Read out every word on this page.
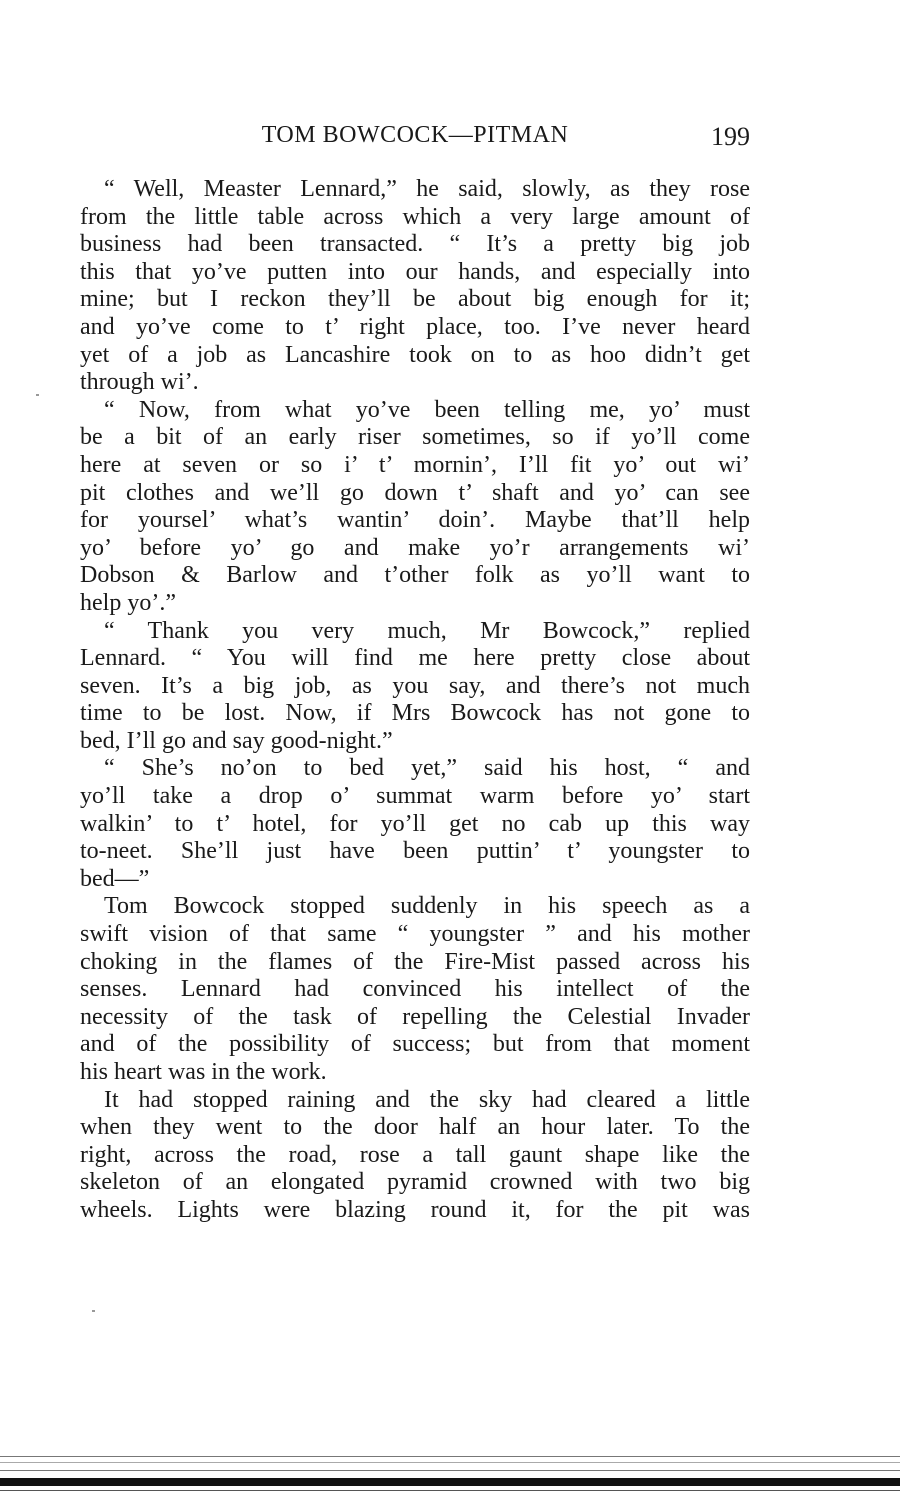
TOM BOWCOCK—PITMAN	199
“ Well, Measter Lennard,” he said, slowly, as they rose
from the little table across which a very large amount of
business had been transacted. “ It’s a pretty big job
this that yo’ve putten into our hands, and especially into
mine; but I reckon they’ll be about big enough for it;
and yo’ve come to t’ right place, too. I’ve never heard
yet of a job as Lancashire took on to as hoo didn’t get
through wi’.
“ Now, from what yo’ve been telling me, yo’ must
be a bit of an early riser sometimes, so if yo’ll come
here at seven or so i’ t’ mornin’, I’ll fit yo’ out wi’
pit clothes and we’ll go down t’ shaft and yo’ can see
for yoursel’ what’s wantin’ doin’. Maybe that’ll help
yo’ before yo’ go and make yo’r arrangements wi’
Dobson & Barlow and t’other folk as yo’ll want to
help yo’.”
“ Thank you very much, Mr Bowcock,” replied
Lennard. “ You will find me here pretty close about
seven. It’s a big job, as you say, and there’s not much
time to be lost. Now, if Mrs Bowcock has not gone to
bed, I’ll go and say good-night.”
“ She’s no’on to bed yet,” said his host, “ and
yo’ll take a drop o’ summat warm before yo’ start
walkin’ to t’ hotel, for yo’ll get no cab up this way
to-neet. She’ll just have been puttin’ t’ youngster to
bed—”
Tom Bowcock stopped suddenly in his speech as a
swift vision of that same “ youngster ” and his mother
choking in the flames of the Fire-Mist passed across his
senses. Lennard had convinced his intellect of the
necessity of the task of repelling the Celestial Invader
and of the possibility of success; but from that moment
his heart was in the work.
It had stopped raining and the sky had cleared a little
when they went to the door half an hour later. To the
right, across the road, rose a tall gaunt shape like the
skeleton of an elongated pyramid crowned with two big
wheels. Lights were blazing round it, for the pit was
